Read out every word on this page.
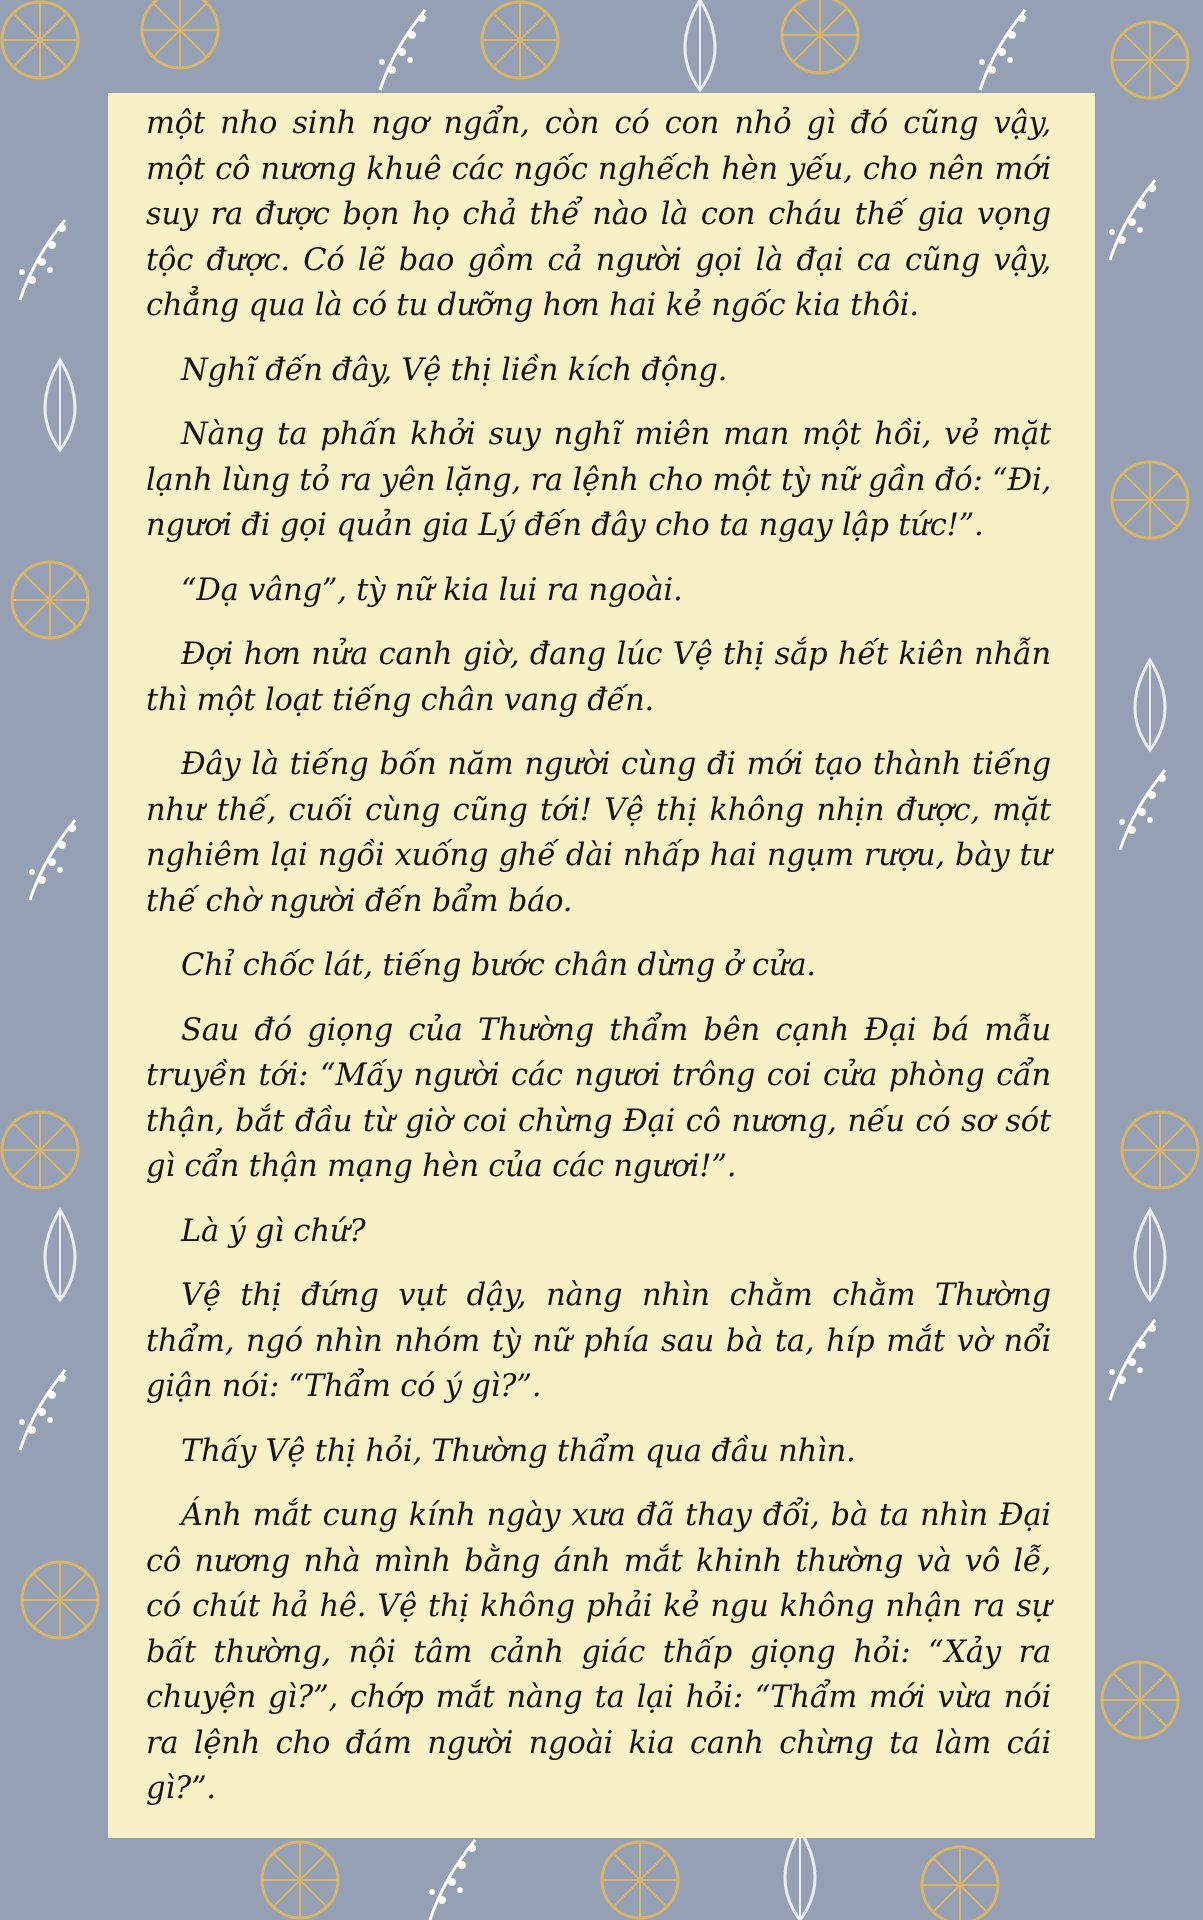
một nho sinh ngơ ngẩn, còn có con nhỏ gì đó cũng vậy, một cô nương khuê các ngốc nghếch hèn yếu, cho nên mới suy ra được bọn họ chả thể nào là con cháu thế gia vọng tộc được. Có lẽ bao gồm cả người gọi là đại ca cũng vậy, chẳng qua là có tu dưỡng hơn hai kẻ ngốc kia thôi.

Nghĩ đến đây, Vệ thị liền kích động.

Nàng ta phấn khởi suy nghĩ miên man một hồi, vẻ mặt lạnh lùng tỏ ra yên lặng, ra lệnh cho một tỳ nữ gần đó: “Đi, ngươi đi gọi quản gia Lý đến đây cho ta ngay lập tức!”.

“Dạ vâng”, tỳ nữ kia lui ra ngoài.

Đợi hơn nửa canh giờ, đang lúc Vệ thị sắp hết kiên nhẫn thì một loạt tiếng chân vang đến.

Đây là tiếng bốn năm người cùng đi mới tạo thành tiếng như thế, cuối cùng cũng tới! Vệ thị không nhịn được, mặt nghiêm lại ngồi xuống ghế dài nhấp hai ngụm rượu, bày tư thế chờ người đến bẩm báo.

Chỉ chốc lát, tiếng bước chân dừng ở cửa.

Sau đó giọng của Thường thẩm bên cạnh Đại bá mẫu truyền tới: “Mấy người các ngươi trông coi cửa phòng cẩn thận, bắt đầu từ giờ coi chừng Đại cô nương, nếu có sơ sót gì cẩn thận mạng hèn của các ngươi!”.

Là ý gì chứ?

Vệ thị đứng vụt dậy, nàng nhìn chằm chằm Thường thẩm, ngó nhìn nhóm tỳ nữ phía sau bà ta, híp mắt vờ nổi giận nói: “Thẩm có ý gì?”.

Thấy Vệ thị hỏi, Thường thẩm qua đầu nhìn.

Ánh mắt cung kính ngày xưa đã thay đổi, bà ta nhìn Đại cô nương nhà mình bằng ánh mắt khinh thường và vô lễ, có chút hả hê. Vệ thị không phải kẻ ngu không nhận ra sự bất thường, nội tâm cảnh giác thấp giọng hỏi: “Xảy ra chuyện gì?”, chớp mắt nàng ta lại hỏi: “Thẩm mới vừa nói ra lệnh cho đám người ngoài kia canh chừng ta làm cái gì?”.
